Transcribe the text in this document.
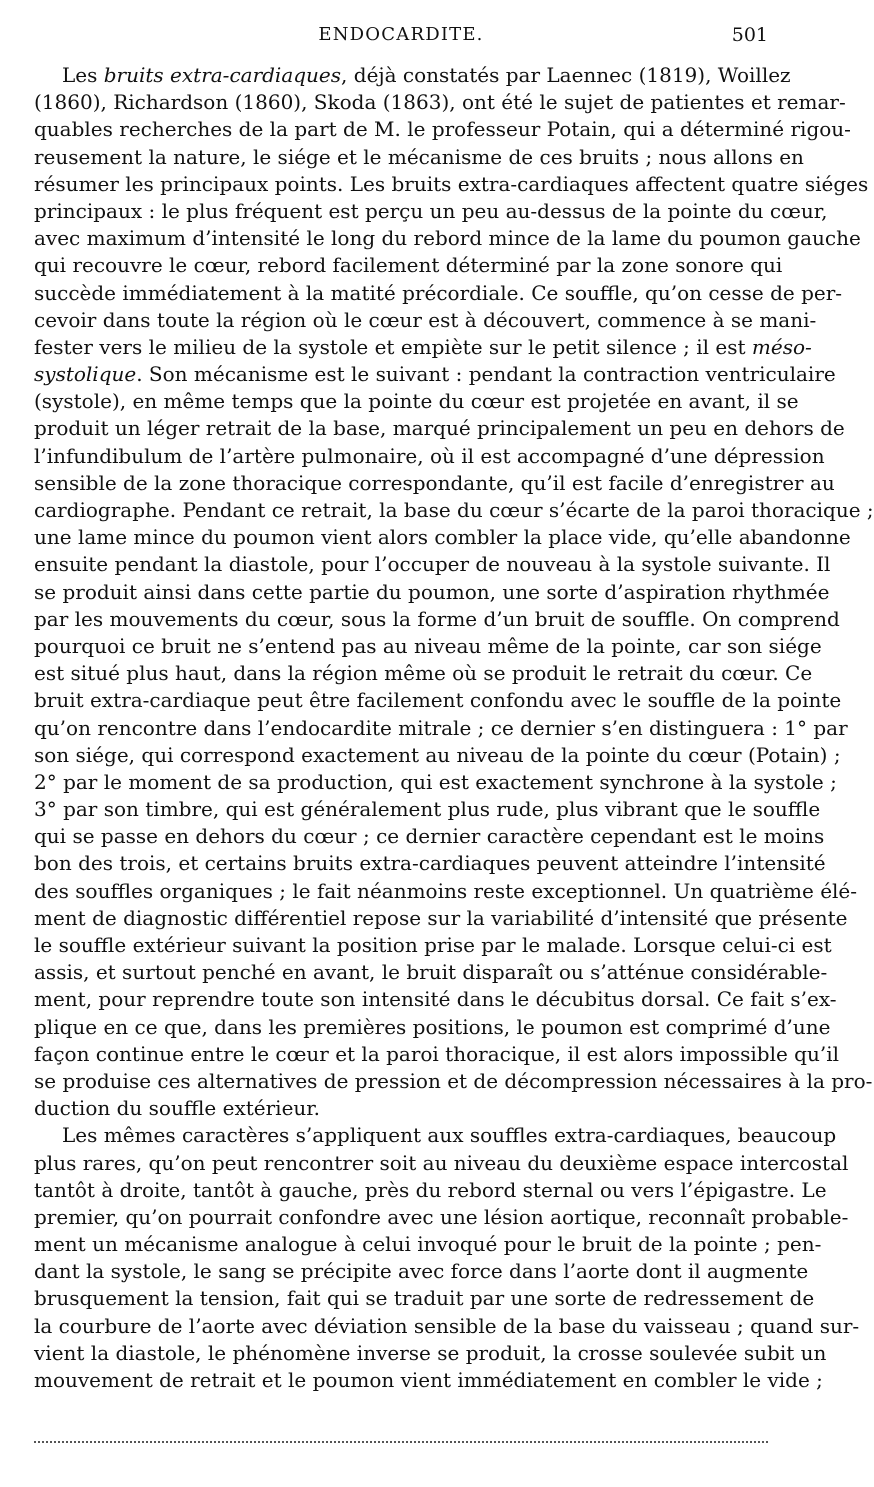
ENDOCARDITE.	501
Les bruits extra-cardiaques, déjà constatés par Laennec (1819), Woillez
(1860), Richardson (1860), Skoda (1863), ont été le sujet de patientes et remar-
quables recherches de la part de M. le professeur Potain, qui a déterminé rigou-
reusement la nature, le siége et le mécanisme de ces bruits ; nous allons en
résumer les principaux points. Les bruits extra-cardiaques affectent quatre siéges
principaux : le plus fréquent est perçu un peu au-dessus de la pointe du cœur,
avec maximum d’intensité le long du rebord mince de la lame du poumon gauche
qui recouvre le cœur, rebord facilement déterminé par la zone sonore qui
succède immédiatement à la matité précordiale. Ce souffle, qu’on cesse de per-
cevoir dans toute la région où le cœur est à découvert, commence à se mani-
fester vers le milieu de la systole et empiète sur le petit silence ; il est méso-
systolique. Son mécanisme est le suivant : pendant la contraction ventriculaire
(systole), en même temps que la pointe du cœur est projetée en avant, il se
produit un léger retrait de la base, marqué principalement un peu en dehors de
l’infundibulum de l’artère pulmonaire, où il est accompagné d’une dépression
sensible de la zone thoracique correspondante, qu’il est facile d’enregistrer au
cardiographe. Pendant ce retrait, la base du cœur s’écarte de la paroi thoracique ;
une lame mince du poumon vient alors combler la place vide, qu’elle abandonne
ensuite pendant la diastole, pour l’occuper de nouveau à la systole suivante. Il
se produit ainsi dans cette partie du poumon, une sorte d’aspiration rhythmée
par les mouvements du cœur, sous la forme d’un bruit de souffle. On comprend
pourquoi ce bruit ne s’entend pas au niveau même de la pointe, car son siége
est situé plus haut, dans la région même où se produit le retrait du cœur. Ce
bruit extra-cardiaque peut être facilement confondu avec le souffle de la pointe
qu’on rencontre dans l’endocardite mitrale ; ce dernier s’en distinguera : 1° par
son siége, qui correspond exactement au niveau de la pointe du cœur (Potain) ;
2° par le moment de sa production, qui est exactement synchrone à la systole ;
3° par son timbre, qui est généralement plus rude, plus vibrant que le souffle
qui se passe en dehors du cœur ; ce dernier caractère cependant est le moins
bon des trois, et certains bruits extra-cardiaques peuvent atteindre l’intensité
des souffles organiques ; le fait néanmoins reste exceptionnel. Un quatrième élé-
ment de diagnostic différentiel repose sur la variabilité d’intensité que présente
le souffle extérieur suivant la position prise par le malade. Lorsque celui-ci est
assis, et surtout penché en avant, le bruit disparaît ou s’atténue considérable-
ment, pour reprendre toute son intensité dans le décubitus dorsal. Ce fait s’ex-
plique en ce que, dans les premières positions, le poumon est comprimé d’une
façon continue entre le cœur et la paroi thoracique, il est alors impossible qu’il
se produise ces alternatives de pression et de décompression nécessaires à la pro-
duction du souffle extérieur.
Les mêmes caractères s’appliquent aux souffles extra-cardiaques, beaucoup
plus rares, qu’on peut rencontrer soit au niveau du deuxième espace intercostal
tantôt à droite, tantôt à gauche, près du rebord sternal ou vers l’épigastre. Le
premier, qu’on pourrait confondre avec une lésion aortique, reconnaît probable-
ment un mécanisme analogue à celui invoqué pour le bruit de la pointe ; pen-
dant la systole, le sang se précipite avec force dans l’aorte dont il augmente
brusquement la tension, fait qui se traduit par une sorte de redressement de
la courbure de l’aorte avec déviation sensible de la base du vaisseau ; quand sur-
vient la diastole, le phénomène inverse se produit, la crosse soulevée subit un
mouvement de retrait et le poumon vient immédiatement en combler le vide ;
